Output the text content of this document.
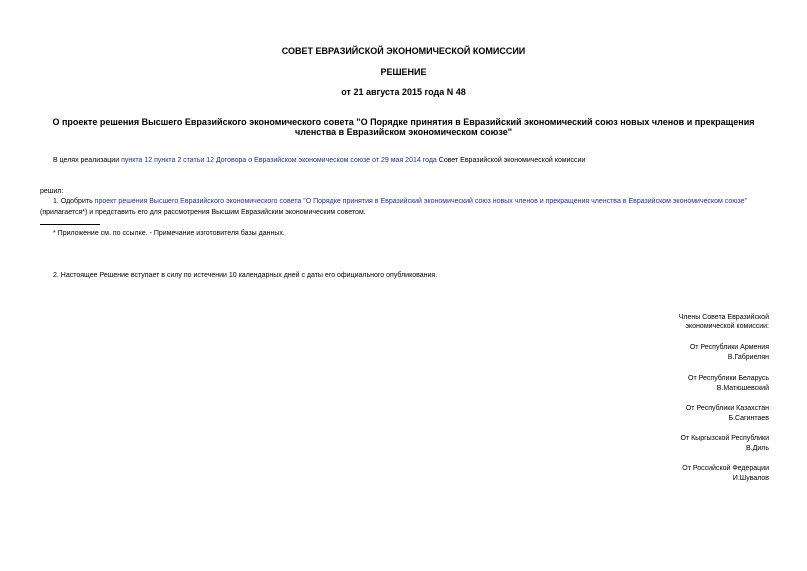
СОВЕТ ЕВРАЗИЙСКОЙ ЭКОНОМИЧЕСКОЙ КОМИССИИ
РЕШЕНИЕ
от 21 августа 2015 года N 48
О проекте решения Высшего Евразийского экономического совета "О Порядке принятия в Евразийский экономический союз новых членов и прекращения
членства в Евразийском экономическом союзе"
В целях реализации пункта 12 пункта 2 статьи 12 Договора о Евразийском экономическом союзе от 29 мая 2014 года Совет Евразийской экономической комиссии
решил:
1. Одобрить проект решения Высшего Евразийского экономического совета "О Порядке принятия в Евразийский экономический союз новых членов и прекращения членства в Евразийском экономическом союзе"
(прилагается*) и представить его для рассмотрения Высшим Евразийским экономическим советом.
* Приложение см. по ссылке. - Примечание изготовителя базы данных.
2. Настоящее Решение вступает в силу по истечении 10 календарных дней с даты его официального опубликования.
Члены Совета Евразийской
экономической комиссии:
От Республики Армения
В.Габриелян
От Республики Беларусь
В.Матюшевский
От Республики Казахстан
Б.Сагинтаев
От Кыргызской Республики
В.Диль
От Российской Федерации
И.Шувалов
